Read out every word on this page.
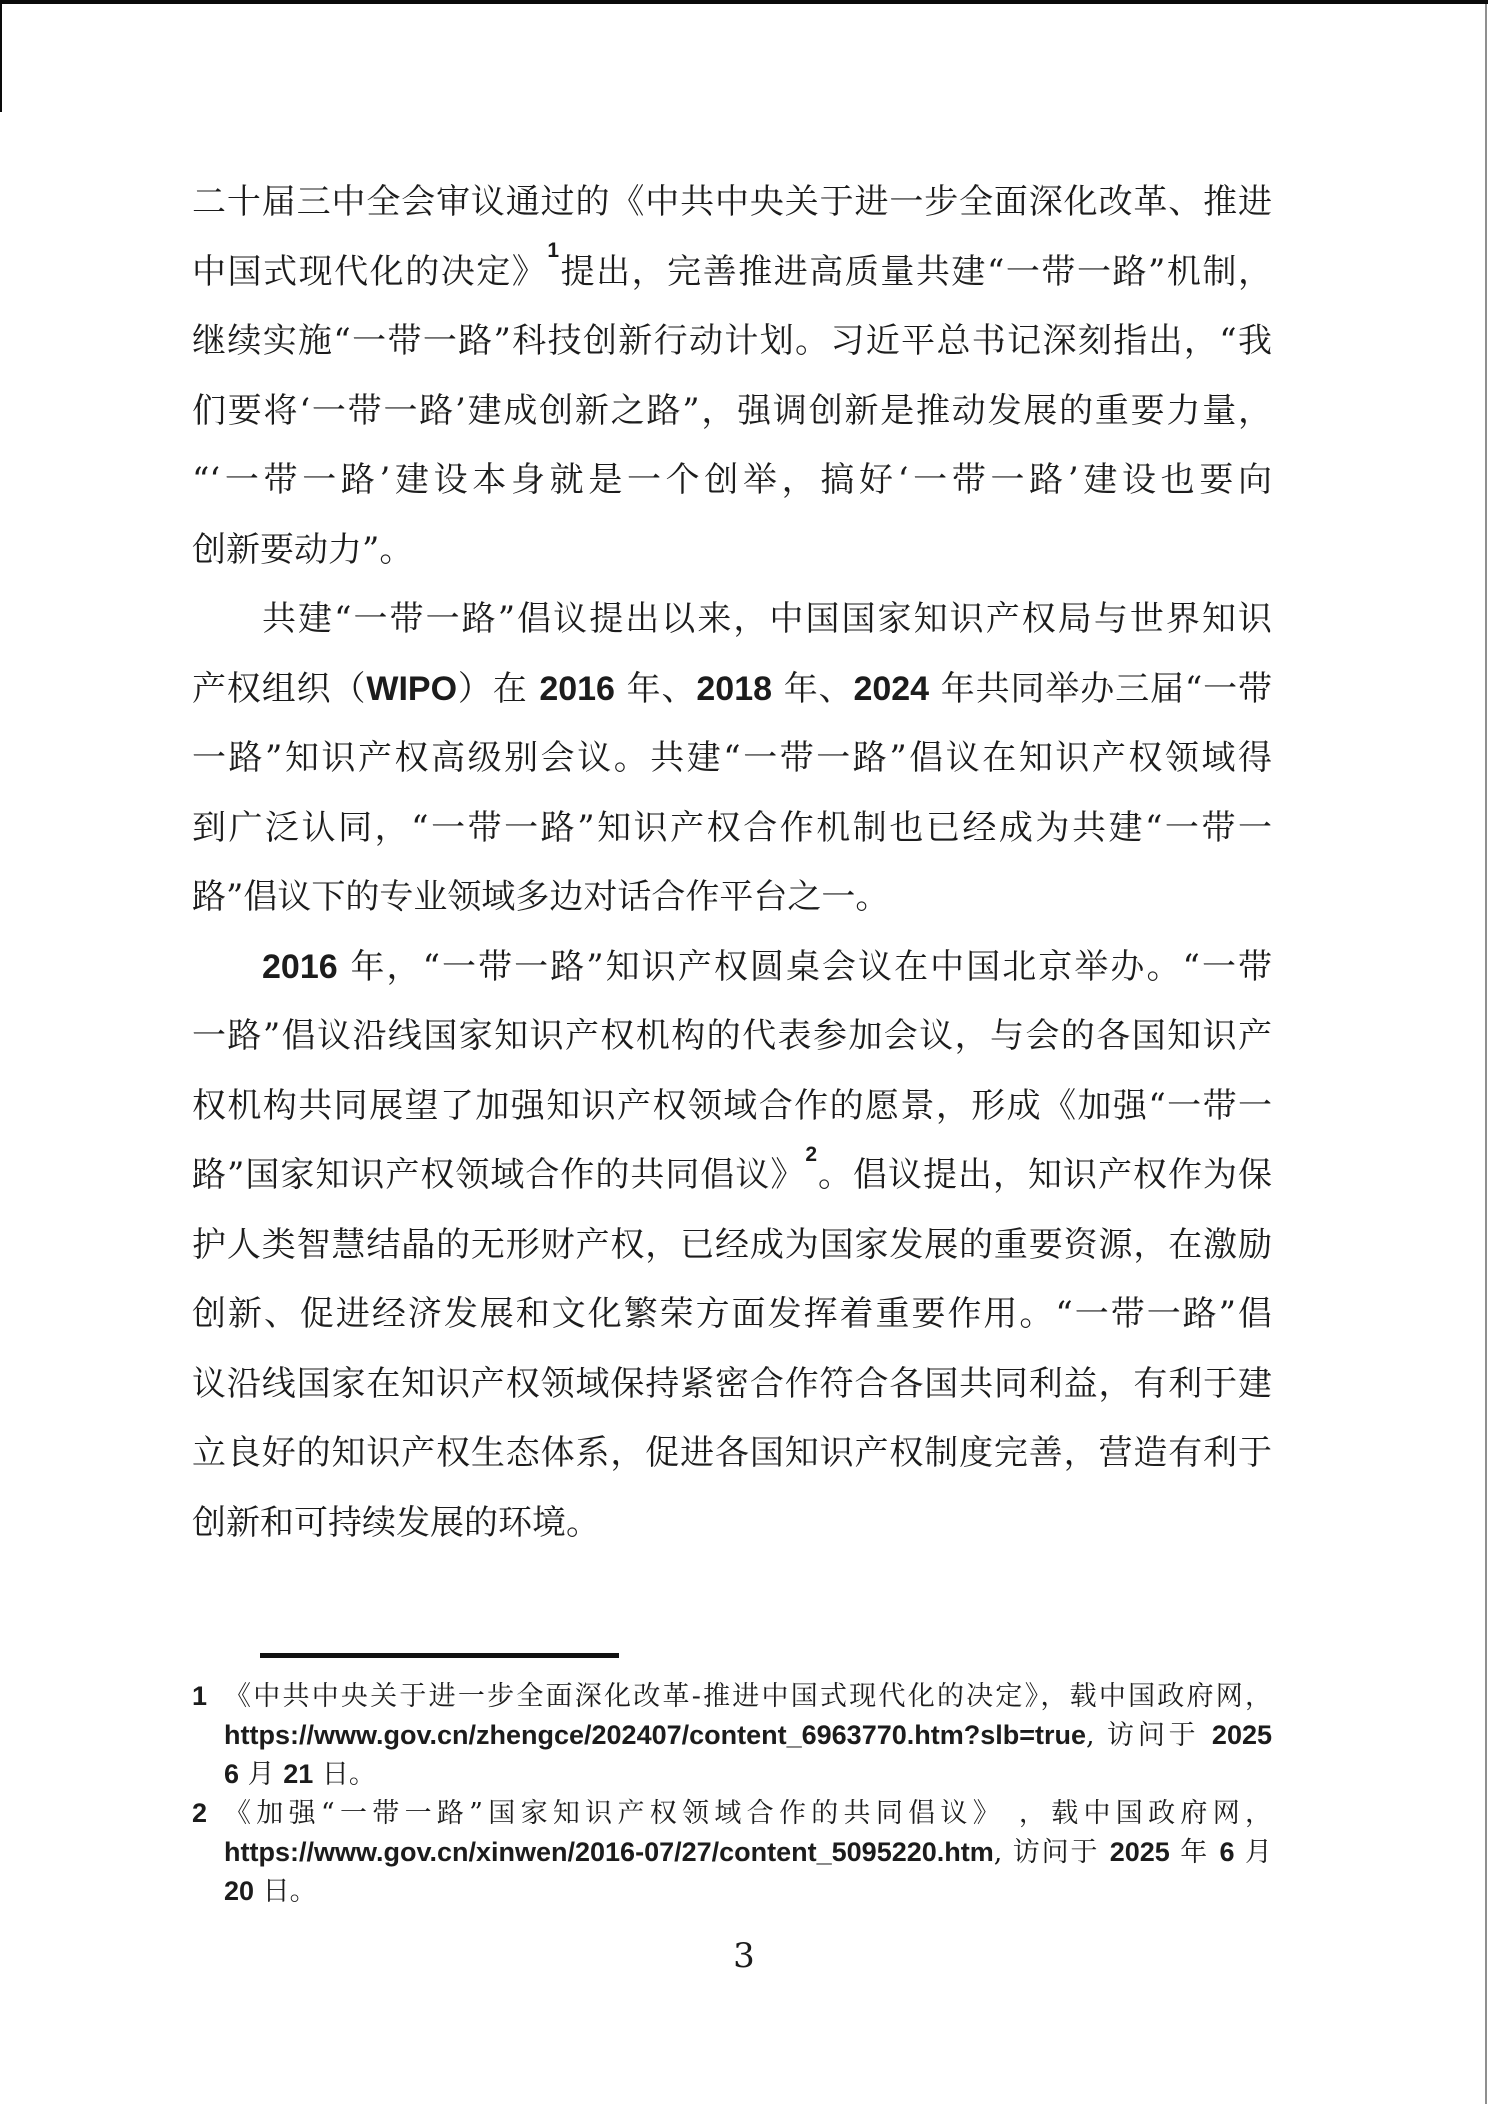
二十届三中全会审议通过的《中共中央关于进一步全面深化改革、推进
中国式现代化的决定》$^1$提出，完善推进高质量共建“一带一路”机制，
继续实施“一带一路”科技创新行动计划。习近平总书记深刻指出，“我
们要将‘一带一路’建成创新之路”，强调创新是推动发展的重要力量，
“‘一带一路’建设本身就是一个创举，搞好‘一带一路’建设也要向
创新要动力”。
共建“一带一路”倡议提出以来，中国国家知识产权局与世界知识
产权组织（WIPO）在 2016 年、2018 年、2024 年共同举办三届“一带
一路”知识产权高级别会议。共建“一带一路”倡议在知识产权领域得
到广泛认同，“一带一路”知识产权合作机制也已经成为共建“一带一
路”倡议下的专业领域多边对话合作平台之一。
2016 年，“一带一路”知识产权圆桌会议在中国北京举办。“一带
一路”倡议沿线国家知识产权机构的代表参加会议，与会的各国知识产
权机构共同展望了加强知识产权领域合作的愿景，形成《加强“一带一
路”国家知识产权领域合作的共同倡议》$^2$。倡议提出，知识产权作为保
护人类智慧结晶的无形财产权，已经成为国家发展的重要资源，在激励
创新、促进经济发展和文化繁荣方面发挥着重要作用。“一带一路”倡
议沿线国家在知识产权领域保持紧密合作符合各国共同利益，有利于建
立良好的知识产权生态体系，促进各国知识产权制度完善，营造有利于
创新和可持续发展的环境。
1 《中共中央关于进一步全面深化改革-推进中国式现代化的决定》，载中国政府网，
https://www.gov.cn/zhengce/202407/content_6963770.htm?slb=true, 访问于 2025
6 月 21 日。
2 《加强“一带一路”国家知识产权领域合作的共同倡议》 ，载中国政府网，
https://www.gov.cn/xinwen/2016-07/27/content_5095220.htm, 访问于 2025 年 6 月
20 日。
3
